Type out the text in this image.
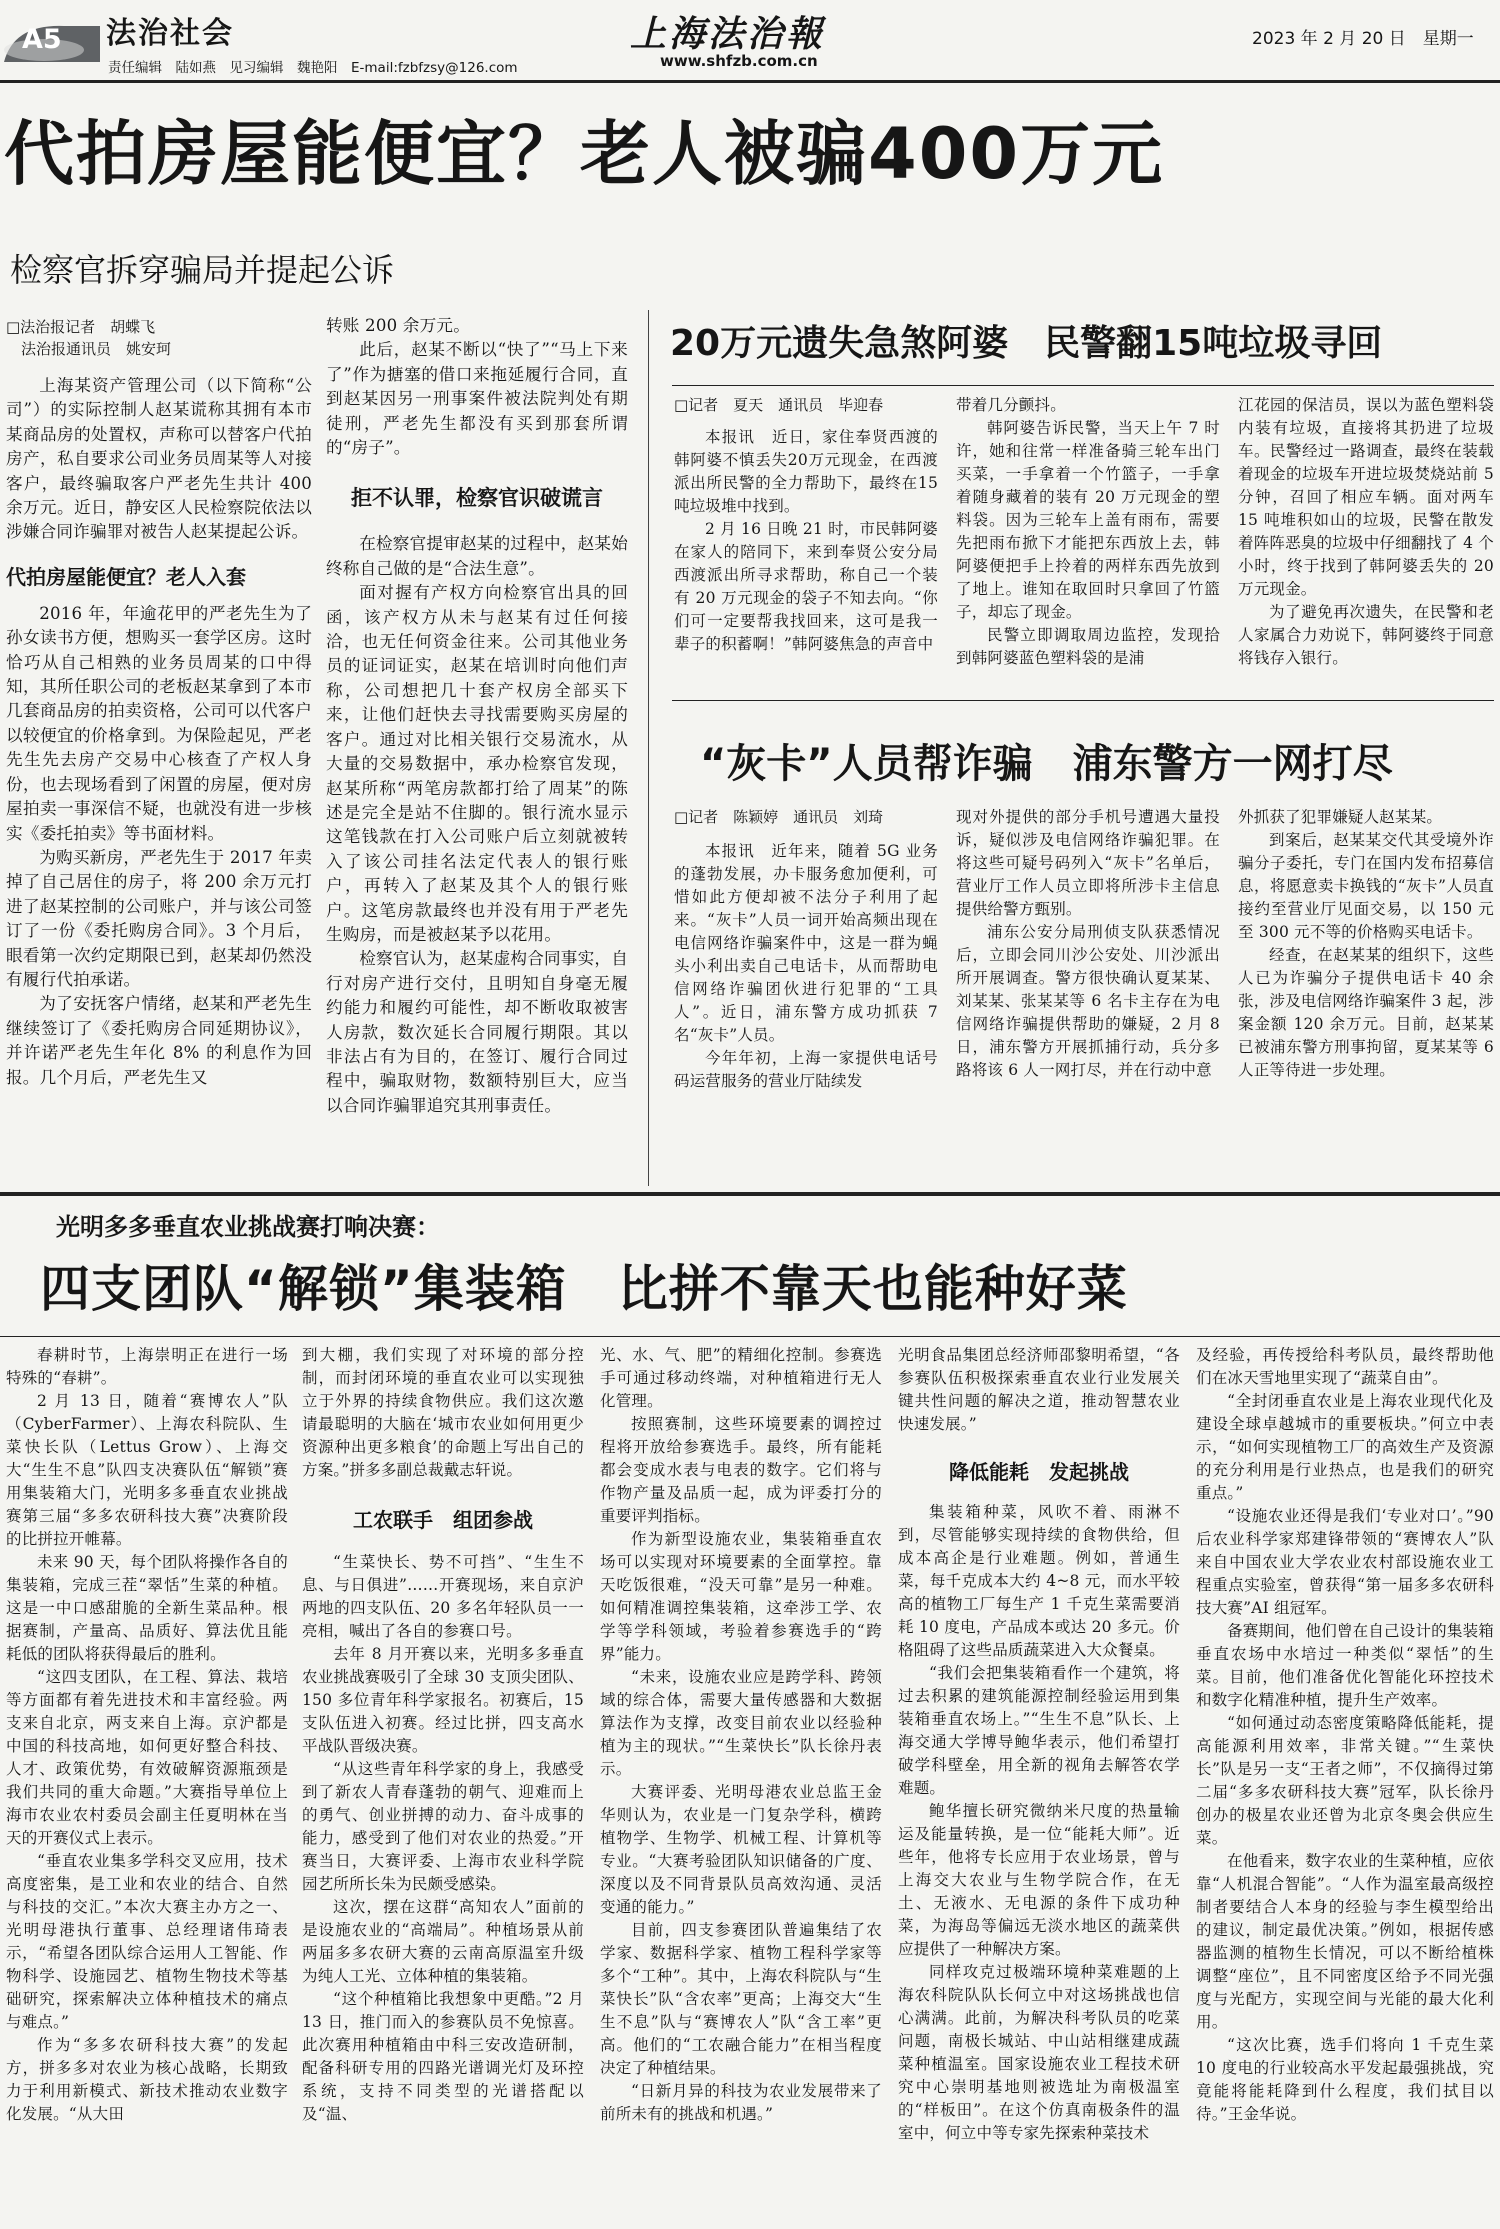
A5 法治社会
责任编辑　陆如燕　见习编辑　魏艳阳　E-mail:fzbfzsy@126.com
上海法治報
www.shfzb.com.cn
2023 年 2 月 20 日　星期一
代拍房屋能便宜？老人被骗400万元
检察官拆穿骗局并提起公诉
□法治报记者　胡蝶飞
　法治报通讯员　姚安珂

上海某资产管理公司（以下简称“公司”）的实际控制人赵某谎称其拥有本市某商品房的处置权，声称可以替客户代拍房产，私自要求公司业务员周某等人对接客户，最终骗取客户严老先生共计 400 余万元。近日，静安区人民检察院依法以涉嫌合同诈骗罪对被告人赵某提起公诉。

代拍房屋能便宜？老人入套

2016 年，年逾花甲的严老先生为了孙女读书方便，想购买一套学区房。这时恰巧从自己相熟的业务员周某的口中得知，其所任职公司的老板赵某拿到了本市几套商品房的拍卖资格，公司可以代客户以较便宜的价格拿到。为保险起见，严老先生先去房产交易中心核查了产权人身份，也去现场看到了闲置的房屋，便对房屋拍卖一事深信不疑，也就没有进一步核实《委托拍卖》等书面材料。

为购买新房，严老先生于 2017 年卖掉了自己居住的房子，将 200 余万元打进了赵某控制的公司账户，并与该公司签订了一份《委托购房合同》。3 个月后，眼看第一次约定期限已到，赵某却仍然没有履行代拍承诺。

为了安抚客户情绪，赵某和严老先生继续签订了《委托购房合同延期协议》，并许诺严老先生年化 8% 的利息作为回报。几个月后，严老先生又

转账 200 余万元。

此后，赵某不断以“快了”“马上下来了”作为搪塞的借口来拖延履行合同，直到赵某因另一刑事案件被法院判处有期徒刑，严老先生都没有买到那套所谓的“房子”。

拒不认罪，检察官识破谎言

在检察官提审赵某的过程中，赵某始终称自己做的是“合法生意”。

面对握有产权方向检察官出具的回函，该产权方从未与赵某有过任何接洽，也无任何资金往来。公司其他业务员的证词证实，赵某在培训时向他们声称，公司想把几十套产权房全部买下来，让他们赶快去寻找需要购买房屋的客户。通过对比相关银行交易流水，从大量的交易数据中，承办检察官发现，赵某所称“两笔房款都打给了周某”的陈述是完全是站不住脚的。银行流水显示这笔钱款在打入公司账户后立刻就被转入了该公司挂名法定代表人的银行账户，再转入了赵某及其个人的银行账户。这笔房款最终也并没有用于严老先生购房，而是被赵某予以花用。

检察官认为，赵某虚构合同事实，自行对房产进行交付，且明知自身毫无履约能力和履约可能性，却不断收取被害人房款，数次延长合同履行期限。其以非法占有为目的，在签订、履行合同过程中，骗取财物，数额特别巨大，应当以合同诈骗罪追究其刑事责任。

20万元遗失急煞阿婆　民警翻15吨垃圾寻回
□记者　夏天　通讯员　毕迎春

本报讯　近日，家住奉贤西渡的韩阿婆不慎丢失20万元现金，在西渡派出所民警的全力帮助下，最终在15吨垃圾堆中找到。

2 月 16 日晚 21 时，市民韩阿婆在家人的陪同下，来到奉贤公安分局西渡派出所寻求帮助，称自己一个装有 20 万元现金的袋子不知去向。“你们可一定要帮我找回来，这可是我一辈子的积蓄啊！”韩阿婆焦急的声音中

带着几分颤抖。

韩阿婆告诉民警，当天上午 7 时许，她和往常一样准备骑三轮车出门买菜，一手拿着一个竹篮子，一手拿着随身藏着的装有 20 万元现金的塑料袋。因为三轮车上盖有雨布，需要先把雨布掀下才能把东西放上去，韩阿婆便把手上拎着的两样东西先放到了地上。谁知在取回时只拿回了竹篮子，却忘了现金。

民警立即调取周边监控，发现拾到韩阿婆蓝色塑料袋的是浦

江花园的保洁员，误以为蓝色塑料袋内装有垃圾，直接将其扔进了垃圾车。民警经过一路调查，最终在装载着现金的垃圾车开进垃圾焚烧站前 5 分钟，召回了相应车辆。面对两车 15 吨堆积如山的垃圾，民警在散发着阵阵恶臭的垃圾中仔细翻找了 4 个小时，终于找到了韩阿婆丢失的 20 万元现金。

为了避免再次遗失，在民警和老人家属合力劝说下，韩阿婆终于同意将钱存入银行。

“灰卡”人员帮诈骗　浦东警方一网打尽
□记者　陈颖婷　通讯员　刘琦

本报讯　近年来，随着 5G 业务的蓬勃发展，办卡服务愈加便利，可惜如此方便却被不法分子利用了起来。“灰卡”人员一词开始高频出现在电信网络诈骗案件中，这是一群为蝇头小利出卖自己电话卡，从而帮助电信网络诈骗团伙进行犯罪的“工具人”。近日，浦东警方成功抓获 7 名“灰卡”人员。

今年年初，上海一家提供电话号码运营服务的营业厅陆续发

现对外提供的部分手机号遭遇大量投诉，疑似涉及电信网络诈骗犯罪。在将这些可疑号码列入“灰卡”名单后，营业厅工作人员立即将所涉卡主信息提供给警方甄别。

浦东公安分局刑侦支队获悉情况后，立即会同川沙公安处、川沙派出所开展调查。警方很快确认夏某某、刘某某、张某某等 6 名卡主存在为电信网络诈骗提供帮助的嫌疑，2 月 8 日，浦东警方开展抓捕行动，兵分多路将该 6 人一网打尽，并在行动中意

外抓获了犯罪嫌疑人赵某某。

到案后，赵某某交代其受境外诈骗分子委托，专门在国内发布招募信息，将愿意卖卡换钱的“灰卡”人员直接约至营业厅见面交易，以 150 元至 300 元不等的价格购买电话卡。

经查，在赵某某的组织下，这些人已为诈骗分子提供电话卡 40 余张，涉及电信网络诈骗案件 3 起，涉案金额 120 余万元。目前，赵某某已被浦东警方刑事拘留，夏某某等 6 人正等待进一步处理。

光明多多垂直农业挑战赛打响决赛：
四支团队“解锁”集装箱　比拼不靠天也能种好菜

春耕时节，上海崇明正在进行一场特殊的“春耕”。

2 月 13 日，随着“赛博农人”队（CyberFarmer）、上海农科院队、生菜快长队（Lettus Grow）、上海交大“生生不息”队四支决赛队伍“解锁”赛用集装箱大门，光明多多垂直农业挑战赛第三届“多多农研科技大赛”决赛阶段的比拼拉开帷幕。

未来 90 天，每个团队将操作各自的集装箱，完成三茬“翠恬”生菜的种植。这是一中口感甜脆的全新生菜品种。根据赛制，产量高、品质好、算法优且能耗低的团队将获得最后的胜利。

“这四支团队，在工程、算法、栽培等方面都有着先进技术和丰富经验。两支来自北京，两支来自上海。京沪都是中国的科技高地，如何更好整合科技、人才、政策优势，有效破解资源瓶颈是我们共同的重大命题。”大赛指导单位上海市农业农村委员会副主任夏明林在当天的开赛仪式上表示。

“垂直农业集多学科交叉应用，技术高度密集，是工业和农业的结合、自然与科技的交汇。”本次大赛主办方之一、光明母港执行董事、总经理诸伟琦表示，“希望各团队综合运用人工智能、作物科学、设施园艺、植物生物技术等基础研究，探索解决立体种植技术的痛点与难点。”

作为“多多农研科技大赛”的发起方，拼多多对农业为核心战略，长期致力于利用新模式、新技术推动农业数字化发展。“从大田

到大棚，我们实现了对环境的部分控制，而封闭环境的垂直农业可以实现独立于外界的持续食物供应。我们这次邀请最聪明的大脑在‘城市农业如何用更少资源种出更多粮食’的命题上写出自己的方案。”拼多多副总裁戴志轩说。

工农联手　组团参战

“生菜快长、势不可挡”、“生生不息、与日俱进”……开赛现场，来自京沪两地的四支队伍、20 多名年轻队员一一亮相，喊出了各自的参赛口号。

去年 8 月开赛以来，光明多多垂直农业挑战赛吸引了全球 30 支顶尖团队、150 多位青年科学家报名。初赛后，15 支队伍进入初赛。经过比拼，四支高水平战队晋级决赛。

“从这些青年科学家的身上，我感受到了新农人青春蓬勃的朝气、迎难而上的勇气、创业拼搏的动力、奋斗成事的能力，感受到了他们对农业的热爱。”开赛当日，大赛评委、上海市农业科学院园艺所所长朱为民颇受感染。

这次，摆在这群“高知农人”面前的是设施农业的“高端局”。种植场景从前两届多多农研大赛的云南高原温室升级为纯人工光、立体种植的集装箱。

“这个种植箱比我想象中更酷。”2 月 13 日，推门而入的参赛队员不免惊喜。此次赛用种植箱由中科三安改造研制，配备科研专用的四路光谱调光灯及环控系统，支持不同类型的光谱搭配以及“温、

光、水、气、肥”的精细化控制。参赛选手可通过移动终端，对种植箱进行无人化管理。

按照赛制，这些环境要素的调控过程将开放给参赛选手。最终，所有能耗都会变成水表与电表的数字。它们将与作物产量及品质一起，成为评委打分的重要评判指标。

作为新型设施农业，集装箱垂直农场可以实现对环境要素的全面掌控。靠天吃饭很难，“没天可靠”是另一种难。如何精准调控集装箱，这牵涉工学、农学等学科领域，考验着参赛选手的“跨界”能力。

“未来，设施农业应是跨学科、跨领域的综合体，需要大量传感器和大数据算法作为支撑，改变目前农业以经验种植为主的现状。”“生菜快长”队长徐丹表示。

大赛评委、光明母港农业总监王金华则认为，农业是一门复杂学科，横跨植物学、生物学、机械工程、计算机等专业。“大赛考验团队知识储备的广度、深度以及不同背景队员高效沟通、灵活变通的能力。”

目前，四支参赛团队普遍集结了农学家、数据科学家、植物工程科学家等多个“工种”。其中，上海农科院队与“生菜快长”队“含农率”更高；上海交大“生生不息”队与“赛博农人”队“含工率”更高。他们的“工农融合能力”在相当程度决定了种植结果。

“日新月异的科技为农业发展带来了前所未有的挑战和机遇。”

光明食品集团总经济师邵黎明希望，“各参赛队伍积极探索垂直农业行业发展关键共性问题的解决之道，推动智慧农业快速发展。”

降低能耗　发起挑战

集装箱种菜，风吹不着、雨淋不到，尽管能够实现持续的食物供给，但成本高企是行业难题。例如，普通生菜，每千克成本大约 4~8 元，而水平较高的植物工厂每生产 1 千克生菜需要消耗 10 度电，产品成本或达 20 多元。价格阻碍了这些品质蔬菜进入大众餐桌。

“我们会把集装箱看作一个建筑，将过去积累的建筑能源控制经验运用到集装箱垂直农场上。”“生生不息”队长、上海交通大学博导鲍华表示，他们希望打破学科壁垒，用全新的视角去解答农学难题。

鲍华擅长研究微纳米尺度的热量输运及能量转换，是一位“能耗大师”。近些年，他将专长应用于农业场景，曾与上海交大农业与生物学院合作，在无土、无液水、无电源的条件下成功种菜，为海岛等偏远无淡水地区的蔬菜供应提供了一种解决方案。

同样攻克过极端环境种菜难题的上海农科院队队长何立中对这场挑战也信心满满。此前，为解决科考队员的吃菜问题，南极长城站、中山站相继建成蔬菜种植温室。国家设施农业工程技术研究中心崇明基地则被选址为南极温室的“样板田”。在这个仿真南极条件的温室中，何立中等专家先探索种菜技术

及经验，再传授给科考队员，最终帮助他们在冰天雪地里实现了“蔬菜自由”。

“全封闭垂直农业是上海农业现代化及建设全球卓越城市的重要板块。”何立中表示，“如何实现植物工厂的高效生产及资源的充分利用是行业热点，也是我们的研究重点。”

“设施农业还得是我们‘专业对口’。”90 后农业科学家郑建锋带领的“赛博农人”队来自中国农业大学农业农村部设施农业工程重点实验室，曾获得“第一届多多农研科技大赛”AI 组冠军。

备赛期间，他们曾在自己设计的集装箱垂直农场中水培过一种类似“翠恬”的生菜。目前，他们准备优化智能化环控技术和数字化精准种植，提升生产效率。

“如何通过动态密度策略降低能耗，提高能源利用效率，非常关键。”“生菜快长”队是另一支“王者之师”，不仅摘得过第二届“多多农研科技大赛”冠军，队长徐丹创办的极星农业还曾为北京冬奥会供应生菜。

在他看来，数字农业的生菜种植，应依靠“人机混合智能”。“人作为温室最高级控制者要结合人本身的经验与李生模型给出的建议，制定最优决策。”例如，根据传感器监测的植物生长情况，可以不断给植株调整“座位”，且不同密度区给予不同光强度与光配方，实现空间与光能的最大化利用。

“这次比赛，选手们将向 1 千克生菜 10 度电的行业较高水平发起最强挑战，究竟能将能耗降到什么程度，我们拭目以待。”王金华说。
